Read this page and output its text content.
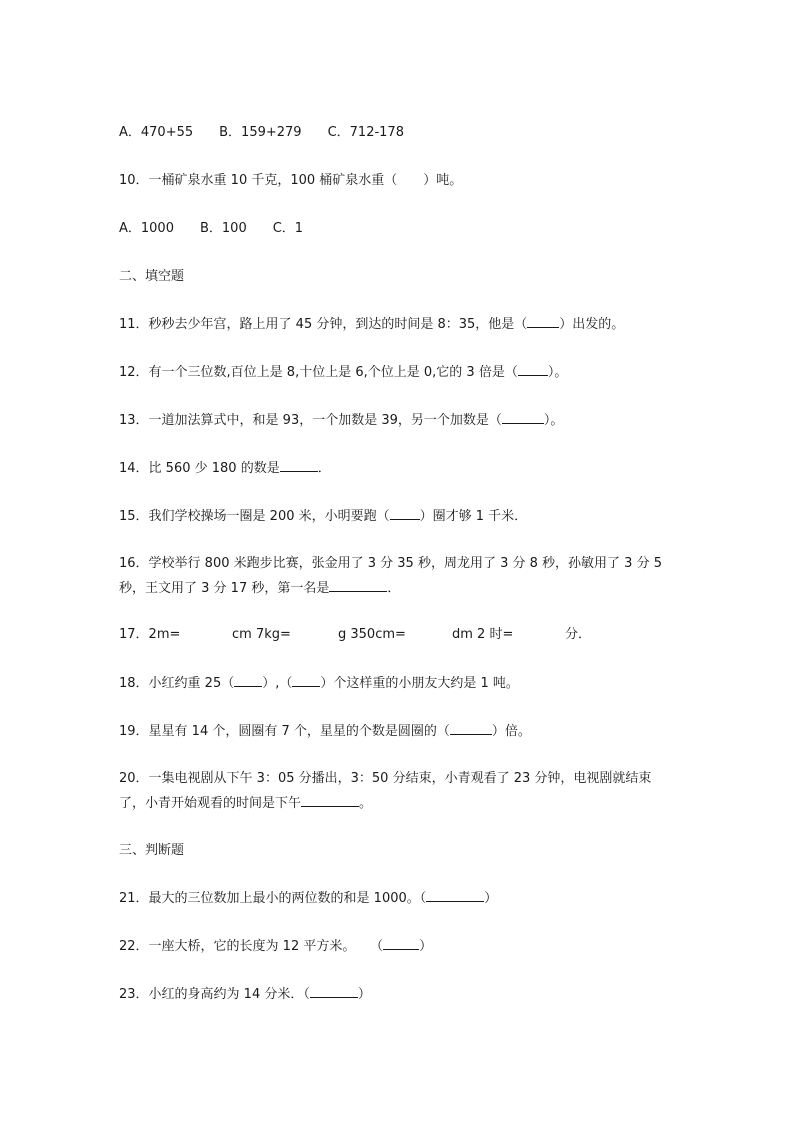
A．470+55　　B．159+279　　C．712-178
10．一桶矿泉水重 10 千克，100 桶矿泉水重（　　）吨。
A．1000　　B．100　　C．1
二、填空题
11．秒秒去少年宫，路上用了 45 分钟，到达的时间是 8：35，他是（ ）出发的。
12．有一个三位数,百位上是 8,十位上是 6,个位上是 0,它的 3 倍是（ ）。
13．一道加法算式中，和是 93，一个加数是 39，另一个加数是（	）。
14．比 560 少 180 的数是	．
15．我们学校操场一圈是 200 米，小明要跑（ ）圈才够 1 千米．
16．学校举行 800 米跑步比赛，张金用了 3 分 35 秒，周龙用了 3 分 8 秒，孙敏用了 3 分 5
秒，王文用了 3 分 17 秒，第一名是	．
17．2m=	cm 7kg=	g 350cm=	dm 2 时=	分．
18．小红约重 25（ ）,（ ）个这样重的小朋友大约是 1 吨。
19．星星有 14 个，圆圈有 7 个，星星的个数是圆圈的（	）倍。
20．一集电视剧从下午 3：05 分播出，3：50 分结束，小青观看了 23 分钟，电视剧就结束
了，小青开始观看的时间是下午	。
三、判断题
21．最大的三位数加上最小的两位数的和是 1000。（	）
22．一座大桥，它的长度为 12 平方米。　  （	）
23．小红的身高约为 14 分米．（	）
